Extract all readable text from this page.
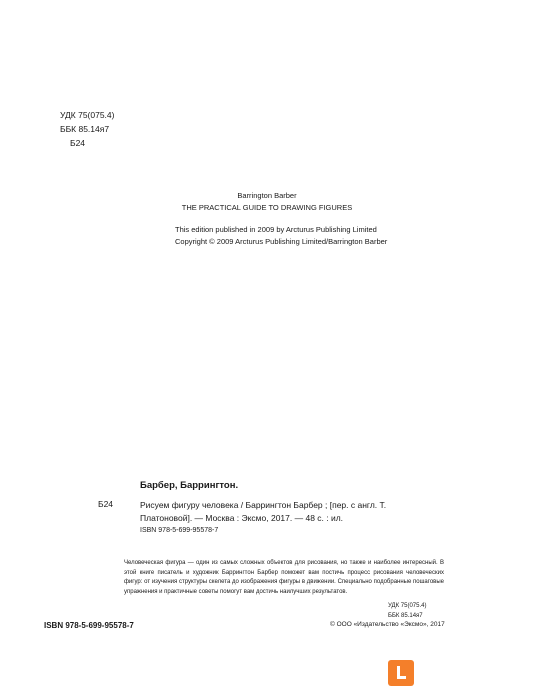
УДК 75(075.4)
ББК 85.14я7
Б24
Barrington Barber
THE PRACTICAL GUIDE TO DRAWING FIGURES
This edition published in 2009 by Arcturus Publishing Limited
Copyright © 2009 Arcturus Publishing Limited/Barrington Barber
Барбер, Баррингтон.
Б24	Рисуем фигуру человека / Баррингтон Барбер ; [пер. с англ. Т. Платоновой]. — Москва : Эксмо, 2017. — 48 с. : ил.
ISBN 978-5-699-95578-7
Человеческая фигура — один из самых сложных объектов для рисования, но также и наиболее интересный. В этой книге писатель и художник Баррингтон Барбер поможет вам постичь процесс рисования человеческих фигур: от изучения структуры скелета до изображения фигуры в движении. Специально подобранные пошаговые упражнения и практичные советы помогут вам достичь наилучших результатов.
УДК 75(075.4)
ББК 85.14я7
ISBN 978-5-699-95578-7	© ООО «Издательство «Эксмо», 2017
